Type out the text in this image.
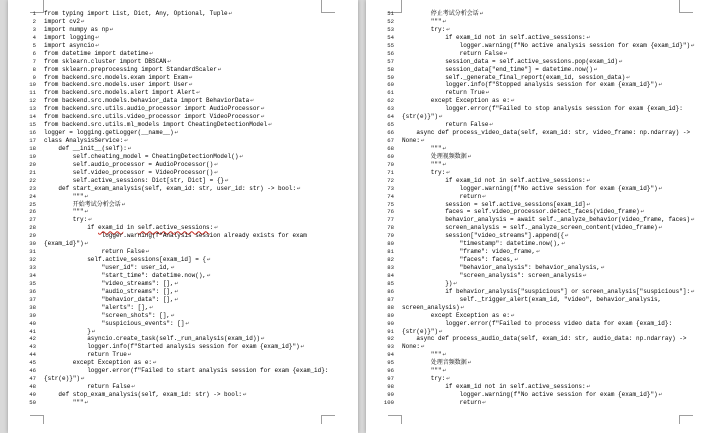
1 from typing import List, Dict, Any, Optional, Tuple ↵
2 import cv2 ↵
3 import numpy as np ↵
4 import logging ↵
5 import asyncio ↵
6 from datetime import datetime ↵
7 from sklearn.cluster import DBSCAN ↵
8 from sklearn.preprocessing import StandardScaler ↵
9 from backend.src.models.exam import Exam ↵
10 from backend.src.models.user import User ↵
11 from backend.src.models.alert import Alert ↵
12 from backend.src.models.behavior_data import BehaviorData ↵
13 from backend.src.utils.audio_processor import AudioProcessor ↵
14 from backend.src.utils.video_processor import VideoProcessor ↵
15 from backend.src.utils.ml_models import CheatingDetectionModel ↵
16 logger = logging.getLogger(__name__) ↵
17 class AnalysisService: ↵
18 def __init__(self): ↵
19 self.cheating_model = CheatingDetectionModel() ↵
20 self.audio_processor = AudioProcessor() ↵
21 self.video_processor = VideoProcessor() ↵
22 self.active_sessions: Dict[str, Dict] = {} ↵
23 def start_exam_analysis(self, exam_id: str, user_id: str) -> bool: ↵
24 """ ↵
25 开始考试分析会话 ↵
26 """ ↵
27 try: ↵
28 if exam_id in self.active_sessions: ↵
29 logger.warning(f"Analysis session already exists for exam
30 {exam_id}") ↵
31 return False ↵
32 self.active_sessions[exam_id] = { ↵
33 "user_id": user_id, ↵
34 "start_time": datetime.now(), ↵
35 "video_streams": [], ↵
36 "audio_streams": [], ↵
37 "behavior_data": [], ↵
38 "alerts": [], ↵
39 "screen_shots": [], ↵
40 "suspicious_events": [] ↵
41 } ↵
42 asyncio.create_task(self._run_analysis(exam_id)) ↵
43 logger.info(f"Started analysis session for exam {exam_id}") ↵
44 return True ↵
45 except Exception as e: ↵
46 logger.error(f"Failed to start analysis session for exam {exam_id}:
47 {str(e)}") ↵
48 return False ↵
49 def stop_exam_analysis(self, exam_id: str) -> bool: ↵
50 """ ↵
51 停止考试分析会话 ↵
52 """ ↵
53 try: ↵
54 if exam_id not in self.active_sessions: ↵
55 logger.warning(f"No active analysis session for exam {exam_id}") ↵
56 return False ↵
57 session_data = self.active_sessions.pop(exam_id) ↵
58 session_data["end_time"] = datetime.now() ↵
59 self._generate_final_report(exam_id, session_data) ↵
60 logger.info(f"Stopped analysis session for exam {exam_id}") ↵
61 return True ↵
62 except Exception as e: ↵
63 logger.error(f"Failed to stop analysis session for exam {exam_id}:
64 {str(e)}") ↵
65 return False ↵
66 async def process_video_data(self, exam_id: str, video_frame: np.ndarray) ->
67 None: ↵
68 """ ↵
69 处理视频数据 ↵
70 """ ↵
71 try: ↵
72 if exam_id not in self.active_sessions: ↵
73 logger.warning(f"No active session for exam {exam_id}") ↵
74 return ↵
75 session = self.active_sessions[exam_id] ↵
76 faces = self.video_processor.detect_faces(video_frame) ↵
77 behavior_analysis = await self._analyze_behavior(video_frame, faces) ↵
78 screen_analysis = self._analyze_screen_content(video_frame) ↵
79 session["video_streams"].append({ ↵
80 "timestamp": datetime.now(), ↵
81 "frame": video_frame, ↵
82 "faces": faces, ↵
83 "behavior_analysis": behavior_analysis, ↵
84 "screen_analysis": screen_analysis ↵
85 }) ↵
86 if behavior_analysis["suspicious"] or screen_analysis["suspicious"]: ↵
87 self._trigger_alert(exam_id, "video", behavior_analysis,
88 screen_analysis) ↵
89 except Exception as e: ↵
90 logger.error(f"Failed to process video data for exam {exam_id}:
91 {str(e)}") ↵
92 async def process_audio_data(self, exam_id: str, audio_data: np.ndarray) ->
93 None: ↵
94 """ ↵
95 处理音频数据 ↵
96 """ ↵
97 try: ↵
98 if exam_id not in self.active_sessions: ↵
99 logger.warning(f"No active session for exam {exam_id}") ↵
100 return ↵
